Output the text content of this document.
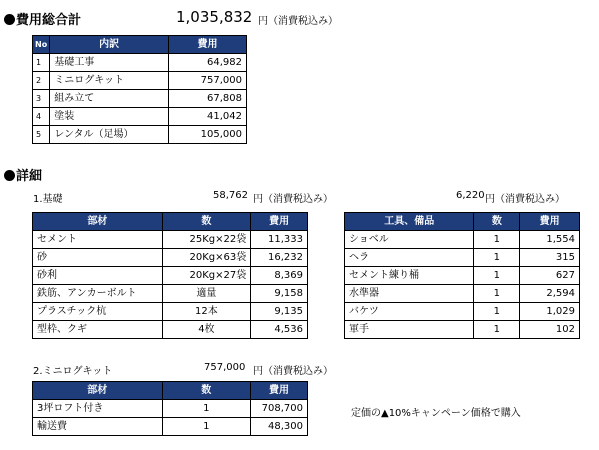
費用総合計	1,035,832 円（消費税込み）
No	内訳	費用
1	基礎工事	64,982
2	ミニログキット	757,000
3	組み立て	67,808
4	塗装	41,042
5	レンタル（足場）	105,000
詳細
1.基礎	58,762 円（消費税込み）
部材	数	費用
セメント	25Kg×22袋	11,333
砂	20Kg×63袋	16,232
砂利	20Kg×27袋	8,369
鉄筋、アンカーボルト	適量	9,158
プラスチック杭	12本	9,135
型枠、クギ	4枚	4,536
6,220 円（消費税込み）
工具、備品	数	費用
ショベル	1	1,554
ヘラ	1	315
セメント練り桶	1	627
水準器	1	2,594
バケツ	1	1,029
軍手	1	102
2.ミニログキット	757,000 円（消費税込み）
部材	数	費用
3坪ロフト付き	1	708,700
輸送費	1	48,300
定価の▲10%キャンペーン価格で購入
